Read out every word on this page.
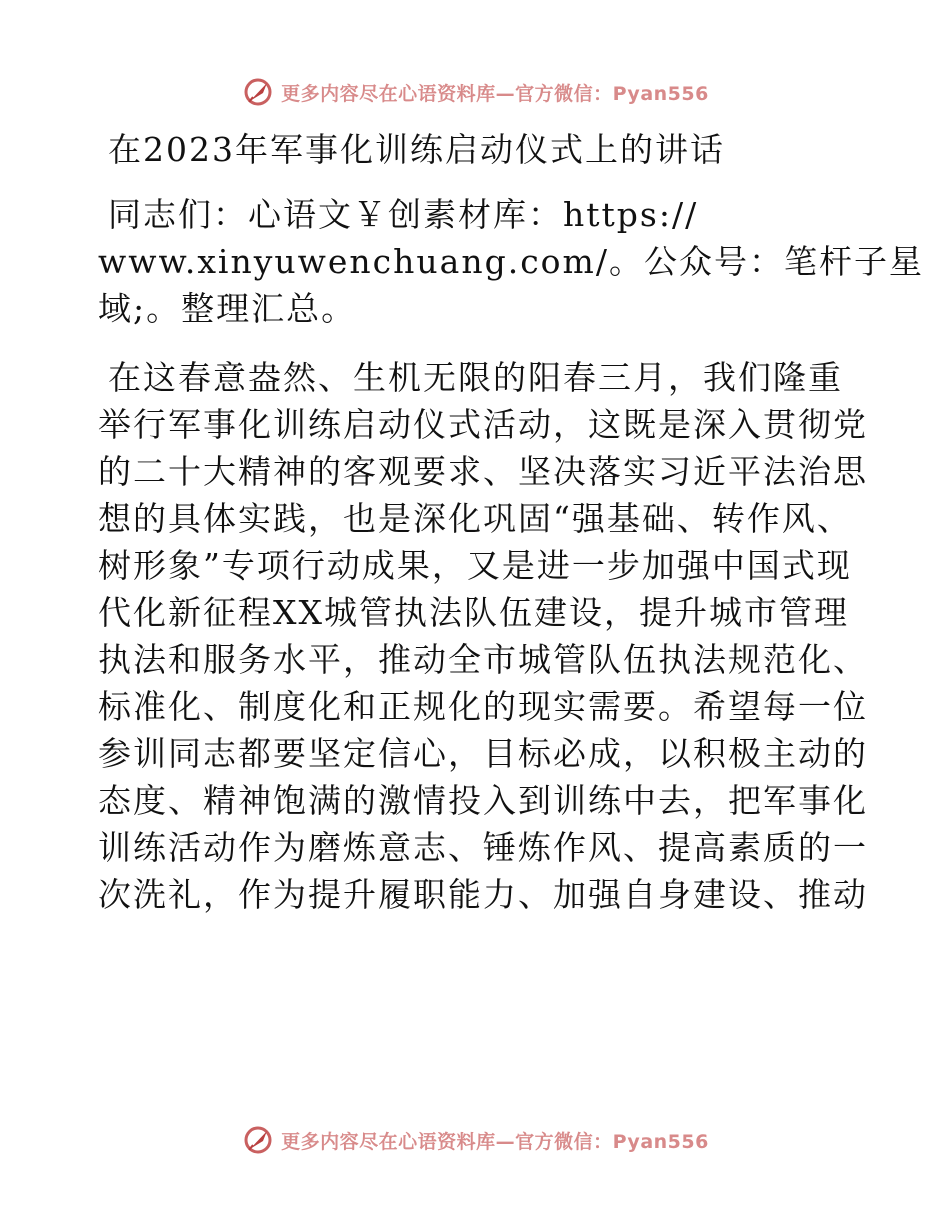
更多内容尽在心语资料库—官方微信：Pyan556
在2023年军事化训练启动仪式上的讲话
同志们：心语文￥创素材库：https://
www.xinyuwenchuang.com/。公众号：笔杆子星
域;。整理汇总。
在这春意盎然、生机无限的阳春三月，我们隆重
举行军事化训练启动仪式活动，这既是深入贯彻党
的二十大精神的客观要求、坚决落实习近平法治思
想的具体实践，也是深化巩固“强基础、转作风、
树形象”专项行动成果，又是进一步加强中国式现
代化新征程XX城管执法队伍建设，提升城市管理
执法和服务水平，推动全市城管队伍执法规范化、
标准化、制度化和正规化的现实需要。希望每一位
参训同志都要坚定信心，目标必成，以积极主动的
态度、精神饱满的激情投入到训练中去，把军事化
训练活动作为磨炼意志、锤炼作风、提高素质的一
次洗礼，作为提升履职能力、加强自身建设、推动
更多内容尽在心语资料库—官方微信：Pyan556
